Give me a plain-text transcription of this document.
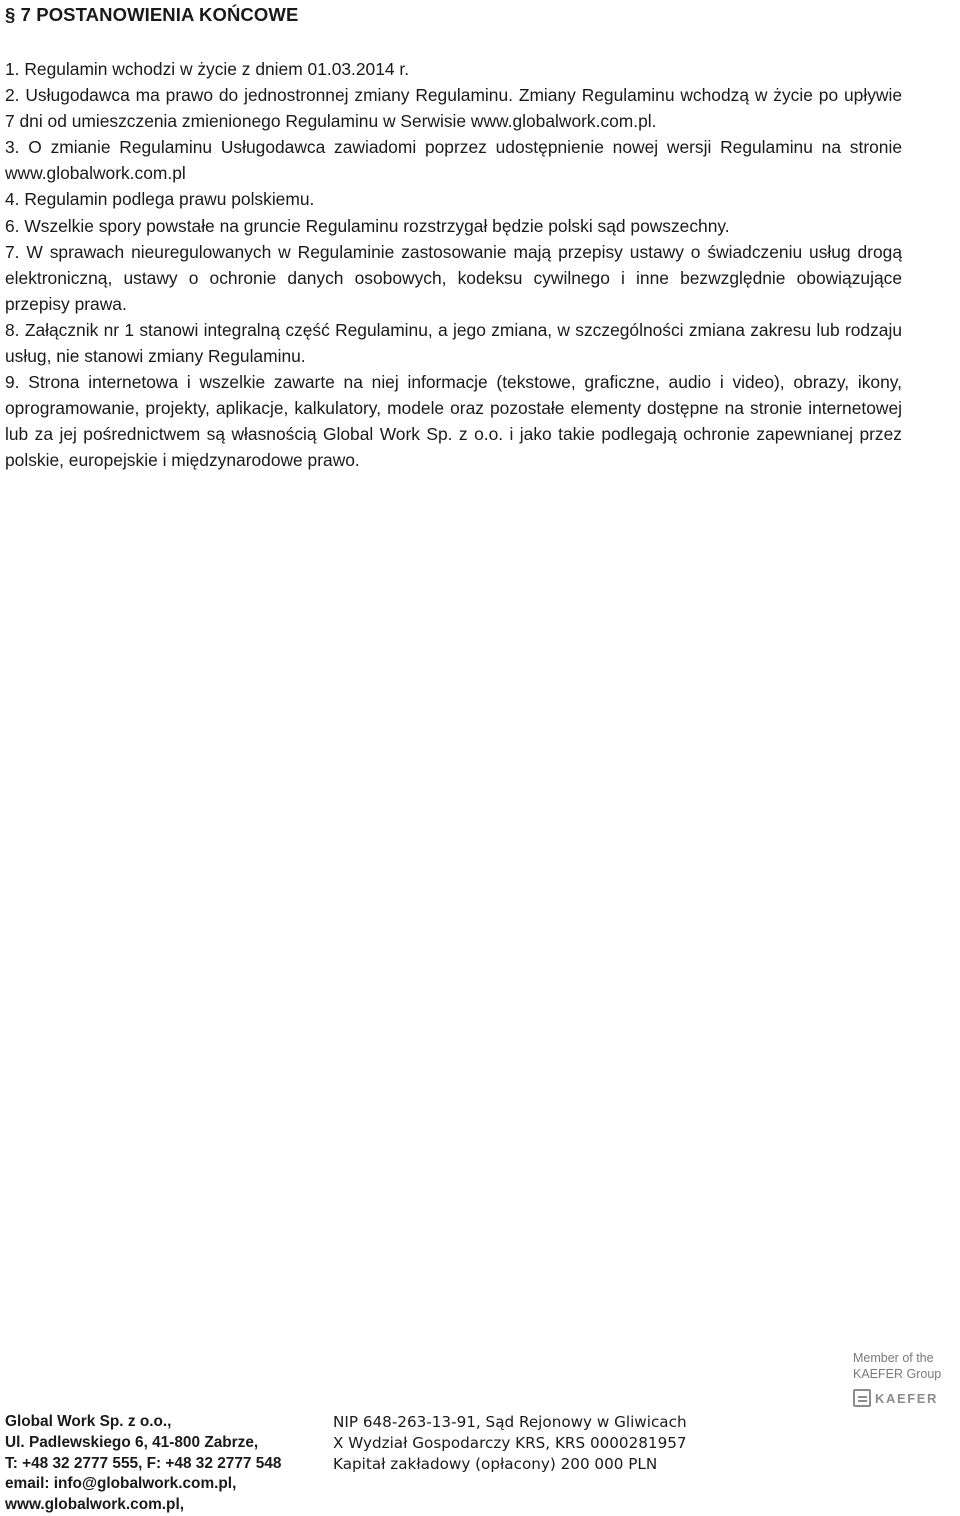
§ 7 POSTANOWIENIA KOŃCOWE

1. Regulamin wchodzi w życie z dniem 01.03.2014 r.

2. Usługodawca ma prawo do jednostronnej zmiany Regulaminu. Zmiany Regulaminu wchodzą w życie po upływie 7 dni od umieszczenia zmienionego Regulaminu w Serwisie www.globalwork.com.pl.

3. O zmianie Regulaminu Usługodawca zawiadomi poprzez udostępnienie nowej wersji Regulaminu na stronie www.globalwork.com.pl

4. Regulamin podlega prawu polskiemu.

6. Wszelkie spory powstałe na gruncie Regulaminu rozstrzygał będzie polski sąd powszechny.

7. W sprawach nieuregulowanych w Regulaminie zastosowanie mają przepisy ustawy o świadczeniu usług drogą elektroniczną, ustawy o ochronie danych osobowych, kodeksu cywilnego i inne bezwzględnie obowiązujące przepisy prawa.

8. Załącznik nr 1 stanowi integralną część Regulaminu, a jego zmiana, w szczególności zmiana zakresu lub rodzaju usług, nie stanowi zmiany Regulaminu.

9. Strona internetowa i wszelkie zawarte na niej informacje (tekstowe, graficzne, audio i video), obrazy, ikony, oprogramowanie, projekty, aplikacje, kalkulatory, modele oraz pozostałe elementy dostępne na stronie internetowej lub za jej pośrednictwem są własnością Global Work Sp. z o.o. i jako takie podlegają ochronie zapewnianej przez polskie, europejskie i międzynarodowe prawo.

Member of the
KAEFER Group
KAEFER
Global Work Sp. z o.o.,
Ul. Padlewskiego 6, 41-800 Zabrze,
T: +48 32 2777 555, F: +48 32 2777 548
email: info@globalwork.com.pl,
www.globalwork.com.pl,
NIP 648-263-13-91, Sąd Rejonowy w Gliwicach
X Wydział Gospodarczy KRS, KRS 0000281957
Kapitał zakładowy (opłacony) 200 000 PLN
